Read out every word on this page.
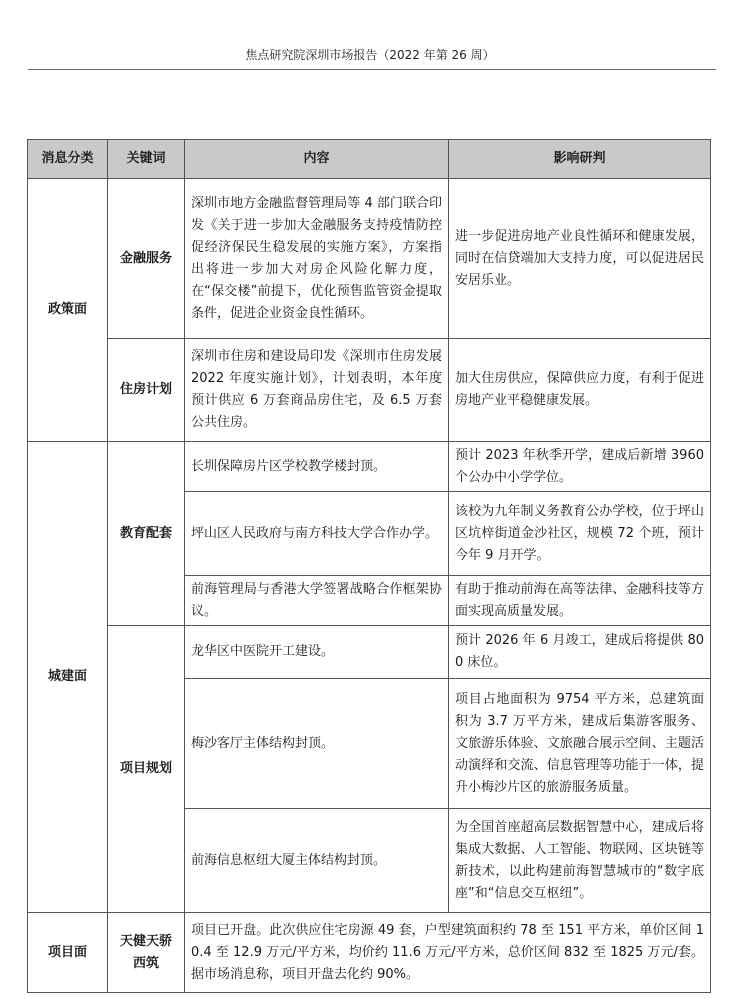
焦点研究院深圳市场报告（2022 年第 26 周）
消息分类	关键词	内容	影响研判
政策面	金融服务	深圳市地方金融监督管理局等 4 部门联合印发《关于进一步加大金融服务支持疫情防控促经济保民生稳发展的实施方案》，方案指出将进一步加大对房企风险化解力度，在“保交楼”前提下，优化预售监管资金提取条件，促进企业资金良性循环。	进一步促进房地产业良性循环和健康发展，同时在信贷端加大支持力度，可以促进居民安居乐业。
	住房计划	深圳市住房和建设局印发《深圳市住房发展 2022 年度实施计划》，计划表明，本年度预计供应 6 万套商品房住宅，及 6.5 万套公共住房。	加大住房供应，保障供应力度，有利于促进房地产业平稳健康发展。
城建面	教育配套	长圳保障房片区学校教学楼封顶。	预计 2023 年秋季开学，建成后新增 3960 个公办中小学学位。
		坪山区人民政府与南方科技大学合作办学。	该校为九年制义务教育公办学校，位于坪山区坑梓街道金沙社区，规模 72 个班，预计今年 9 月开学。
		前海管理局与香港大学签署战略合作框架协议。	有助于推动前海在高等法律、金融科技等方面实现高质量发展。
	项目规划	龙华区中医院开工建设。	预计 2026 年 6 月竣工，建成后将提供 800 床位。
		梅沙客厅主体结构封顶。	项目占地面积为 9754 平方米，总建筑面积为 3.7 万平方米，建成后集游客服务、文旅游乐体验、文旅融合展示空间、主题活动演绎和交流、信息管理等功能于一体，提升小梅沙片区的旅游服务质量。
		前海信息枢纽大厦主体结构封顶。	为全国首座超高层数据智慧中心，建成后将集成大数据、人工智能、物联网、区块链等新技术，以此构建前海智慧城市的“数字底座”和“信息交互枢纽”。
项目面	天健天骄西筑	项目已开盘。此次供应住宅房源 49 套，户型建筑面积约 78 至 151 平方米，单价区间 10.4 至 12.9 万元/平方米，均价约 11.6 万元/平方米，总价区间 832 至 1825 万元/套。据市场消息称，项目开盘去化约 90%。	
